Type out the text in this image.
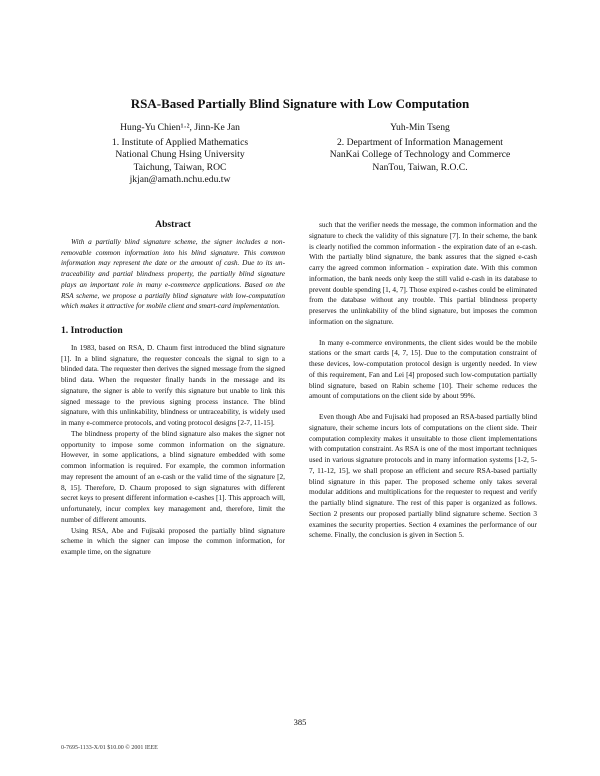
RSA-Based Partially Blind Signature with Low Computation
Hung-Yu Chien¹·², Jinn-Ke Jan
1. Institute of Applied Mathematics
National Chung Hsing University
Taichung, Taiwan, ROC
jkjan@amath.nchu.edu.tw
Yuh-Min Tseng
2. Department of Information Management
NanKai College of Technology and Commerce
NanTou, Taiwan, R.O.C.
Abstract

With a partially blind signature scheme, the signer includes a non-removable common information into his blind signature. This common information may represent the date or the amount of cash. Due to its un-traceability and partial blindness property, the partially blind signature plays an important role in many e-commerce applications. Based on the RSA scheme, we propose a partially blind signature with low-computation which makes it attractive for mobile client and smart-card implementation.

1. Introduction

In 1983, based on RSA, D. Chaum first introduced the blind signature [1]. In a blind signature, the requester conceals the signal to sign to a blinded data. The requester then derives the signed message from the signed blind data. When the requester finally hands in the message and its signature, the signer is able to verify this signature but unable to link this signed message to the previous signing process instance. The blind signature, with this unlinkability, blindness or untraceability, is widely used in many e-commerce protocols, and voting protocol designs [2-7, 11-15].

The blindness property of the blind signature also makes the signer not opportunity to impose some common information on the signature. However, in some applications, a blind signature embedded with some common information is required. For example, the common information may represent the amount of an e-cash or the valid time of the signature [2, 8, 15]. Therefore, D. Chaum proposed to sign signatures with different secret keys to present different information e-cashes [1]. This approach will, unfortunately, incur complex key management and, therefore, limit the number of different amounts.

Using RSA, Abe and Fujisaki proposed the partially blind signature scheme in which the signer can impose the common information, for example time, on the signature

such that the verifier needs the message, the common information and the signature to check the validity of this signature [7]. In their scheme, the bank is clearly notified the common information - the expiration date of an e-cash. With the partially blind signature, the bank assures that the signed e-cash carry the agreed common information - expiration date. With this common information, the bank needs only keep the still valid e-cash in its database to prevent double spending [1, 4, 7]. Those expired e-cashes could be eliminated from the database without any trouble. This partial blindness property preserves the unlinkability of the blind signature, but imposes the common information on the signature.

In many e-commerce environments, the client sides would be the mobile stations or the smart cards [4, 7, 15]. Due to the computation constraint of these devices, low-computation protocol design is urgently needed. In view of this requirement, Fan and Lei [4] proposed such low-computation partially blind signature, based on Rabin scheme [10]. Their scheme reduces the amount of computations on the client side by about 99%.

Even though Abe and Fujisaki had proposed an RSA-based partially blind signature, their scheme incurs lots of computations on the client side. Their computation complexity makes it unsuitable to those client implementations with computation constraint. As RSA is one of the most important techniques used in various signature protocols and in many information systems [1-2, 5-7, 11-12, 15], we shall propose an efficient and secure RSA-based partially blind signature in this paper. The proposed scheme only takes several modular additions and multiplications for the requester to request and verify the partially blind signature. The rest of this paper is organized as follows. Section 2 presents our proposed partially blind signature scheme. Section 3 examines the security properties. Section 4 examines the performance of our scheme. Finally, the conclusion is given in Section 5.

385
0-7695-1133-X/01 $10.00 © 2001 IEEE
